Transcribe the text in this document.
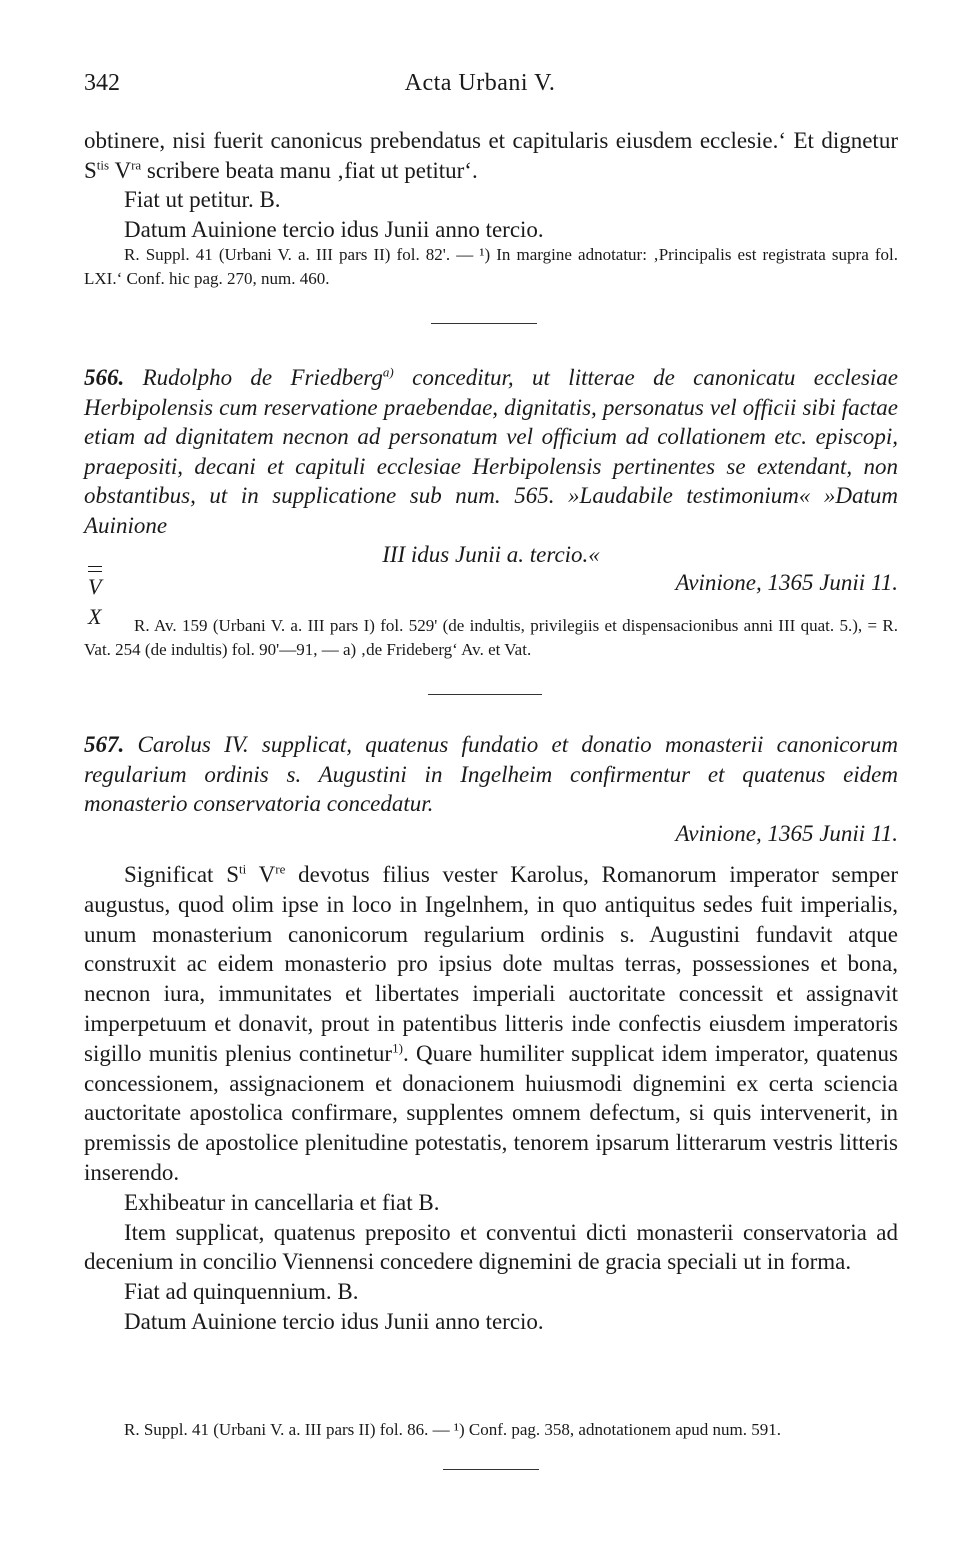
342	Acta Urbani V.

obtinere, nisi fuerit canonicus prebendatus et capitularis eiusdem ecclesie.‘ Et dignetur $S^{tis}$ $V^{ra}$ scribere beata manu ‚fiat ut petitur‘.

Fiat ut petitur. B.

Datum Auinione tercio idus Junii anno tercio.

R. Suppl. 41 (Urbani V. a. III pars II) fol. 82'. — ¹) In margine adnotatur: ‚Principalis est registrata supra fol. LXI.‘ Conf. hic pag. 270, num. 460.

566. Rudolpho de Friedberg$^{a)}$ conceditur, ut litterae de canonicatu ecclesiae Herbipolensis cum reservatione praebendae, dignitatis, personatus vel officii sibi factae etiam ad dignitatem necnon ad personatum vel officium ad collationem etc. episcopi, praepositi, decani et capituli ecclesiae Herbipolensis pertinentes se extendant, non obstantibus, ut in supplicatione sub num. 565. »Laudabile testimonium« »Datum Auinione

III idus Junii a. tercio.«

V

X
Avinione, 1365 Junii 11.

R. Av. 159 (Urbani V. a. III pars I) fol. 529' (de indultis, privilegiis et dispensacionibus anni III quat. 5.), = R. Vat. 254 (de indultis) fol. 90'—91, — a) ‚de Frideberg‘ Av. et Vat.

567. Carolus IV. supplicat, quatenus fundatio et donatio monasterii canonicorum regularium ordinis s. Augustini in Ingelheim confirmentur et quatenus eidem monasterio conservatoria concedatur.

Avinione, 1365 Junii 11.

Significat $S^{ti}$ Vre devotus filius vester Karolus, Romanorum imperator semper augustus, quod olim ipse in loco in Ingelnhem, in quo antiquitus sedes fuit imperialis, unum monasterium canonicorum regularium ordinis s. Augustini fundavit atque construxit ac eidem monasterio pro ipsius dote multas terras, possessiones et bona, necnon iura, immunitates et libertates imperiali auctoritate concessit et assignavit imperpetuum et donavit, prout in patentibus litteris inde confectis eiusdem imperatoris sigillo munitis plenius continetur$^{1)}$. Quare humiliter supplicat idem imperator, quatenus concessionem, assignacionem et donacionem huiusmodi dignemini ex certa sciencia auctoritate apostolica confirmare, supplentes omnem defectum, si quis intervenerit, in premissis de apostolice plenitudine potestatis, tenorem ipsarum litterarum vestris litteris inserendo.

Exhibeatur in cancellaria et fiat B.

Item supplicat, quatenus preposito et conventui dicti monasterii conservatoria ad decenium in concilio Viennensi concedere dignemini de gracia speciali ut in forma.

Fiat ad quinquennium. B.

Datum Auinione tercio idus Junii anno tercio.

R. Suppl. 41 (Urbani V. a. III pars II) fol. 86. — ¹) Conf. pag. 358, adnotationem apud num. 591.
